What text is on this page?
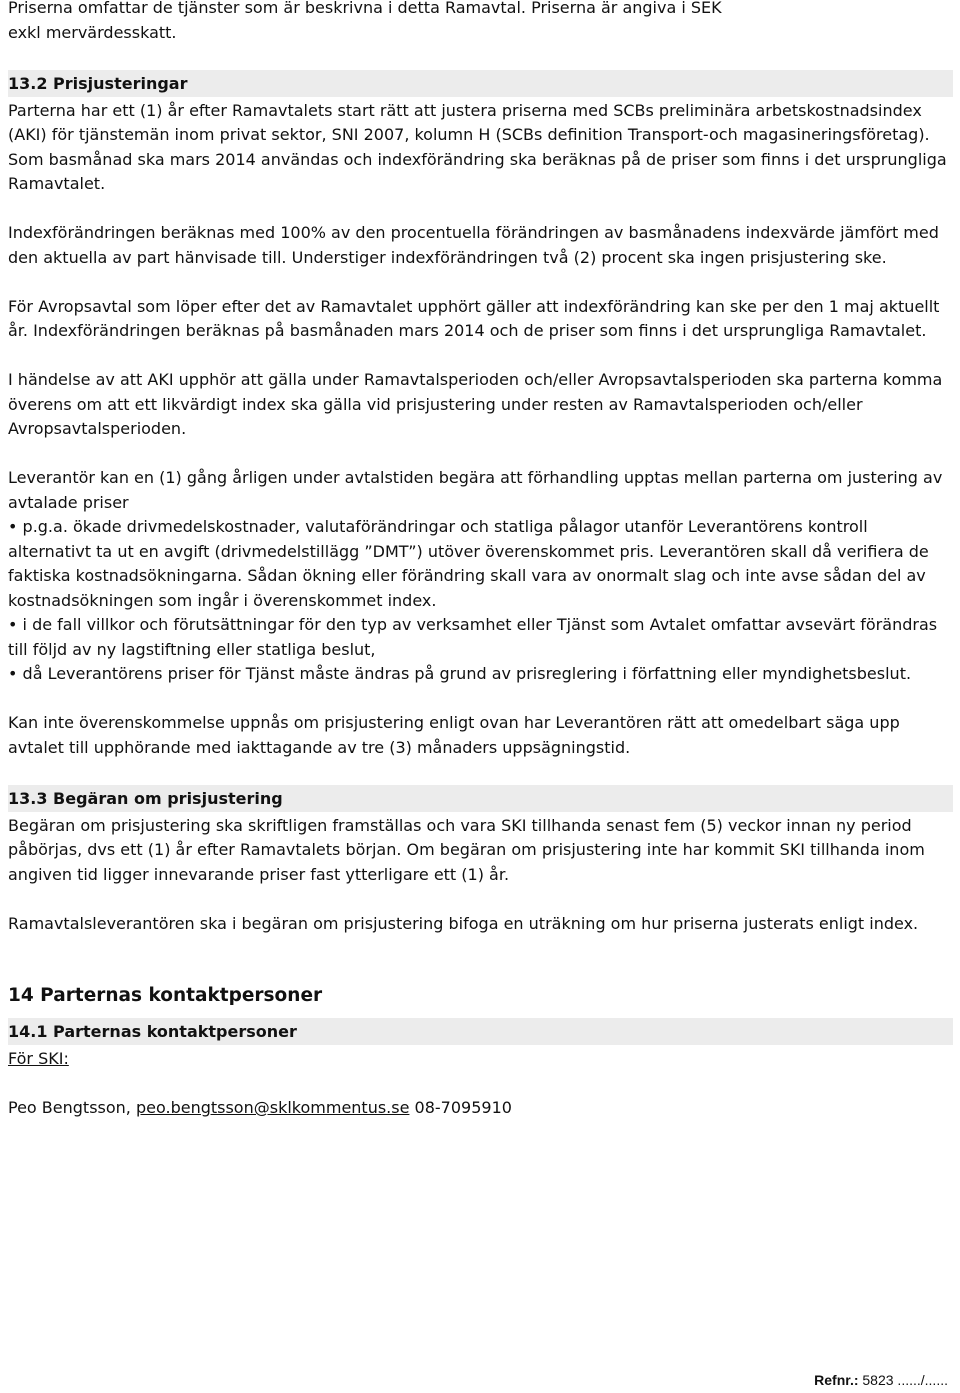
Priserna omfattar de tjänster som är beskrivna i detta Ramavtal. Priserna är angiva i SEK

exkl mervärdesskatt.

13.2 Prisjusteringar

Parterna har ett (1) år efter Ramavtalets start rätt att justera priserna med SCBs preliminära arbetskostnadsindex (AKI) för tjänstemän inom privat sektor, SNI 2007, kolumn H (SCBs definition Transport-och magasineringsföretag). Som basmånad ska mars 2014 användas och indexförändring ska beräknas på de priser som finns i det ursprungliga Ramavtalet.

Indexförändringen beräknas med 100% av den procentuella förändringen av basmånadens indexvärde jämfört med den aktuella av part hänvisade till. Understiger indexförändringen två (2) procent ska ingen prisjustering ske.

För Avropsavtal som löper efter det av Ramavtalet upphört gäller att indexförändring kan ske per den 1 maj aktuellt år. Indexförändringen beräknas på basmånaden mars 2014 och de priser som finns i det ursprungliga Ramavtalet.

I händelse av att AKI upphör att gälla under Ramavtalsperioden och/eller Avropsavtalsperioden ska parterna komma överens om att ett likvärdigt index ska gälla vid prisjustering under resten av Ramavtalsperioden och/eller Avropsavtalsperioden.

Leverantör kan en (1) gång årligen under avtalstiden begära att förhandling upptas mellan parterna om justering av avtalade priser

• p.g.a. ökade drivmedelskostnader, valutaförändringar och statliga pålagor utanför Leverantörens kontroll alternativt ta ut en avgift (drivmedelstillägg ”DMT”) utöver överenskommet pris. Leverantören skall då verifiera de faktiska kostnadsökningarna. Sådan ökning eller förändring skall vara av onormalt slag och inte avse sådan del av kostnadsökningen som ingår i överenskommet index.

• i de fall villkor och förutsättningar för den typ av verksamhet eller Tjänst som Avtalet omfattar avsevärt förändras till följd av ny lagstiftning eller statliga beslut,

• då Leverantörens priser för Tjänst måste ändras på grund av prisreglering i författning eller myndighetsbeslut.

Kan inte överenskommelse uppnås om prisjustering enligt ovan har Leverantören rätt att omedelbart säga upp avtalet till upphörande med iakttagande av tre (3) månaders uppsägningstid.

13.3 Begäran om prisjustering

Begäran om prisjustering ska skriftligen framställas och vara SKI tillhanda senast fem (5) veckor innan ny period påbörjas, dvs ett (1) år efter Ramavtalets början. Om begäran om prisjustering inte har kommit SKI tillhanda inom angiven tid ligger innevarande priser fast ytterligare ett (1) år.

Ramavtalsleverantören ska i begäran om prisjustering bifoga en uträkning om hur priserna justerats enligt index.

14 Parternas kontaktpersoner
14.1 Parternas kontaktpersoner

För SKI:

Peo Bengtsson, peo.bengtsson@sklkommentus.se 08-7095910

Refnr.: 5823 ....../......
